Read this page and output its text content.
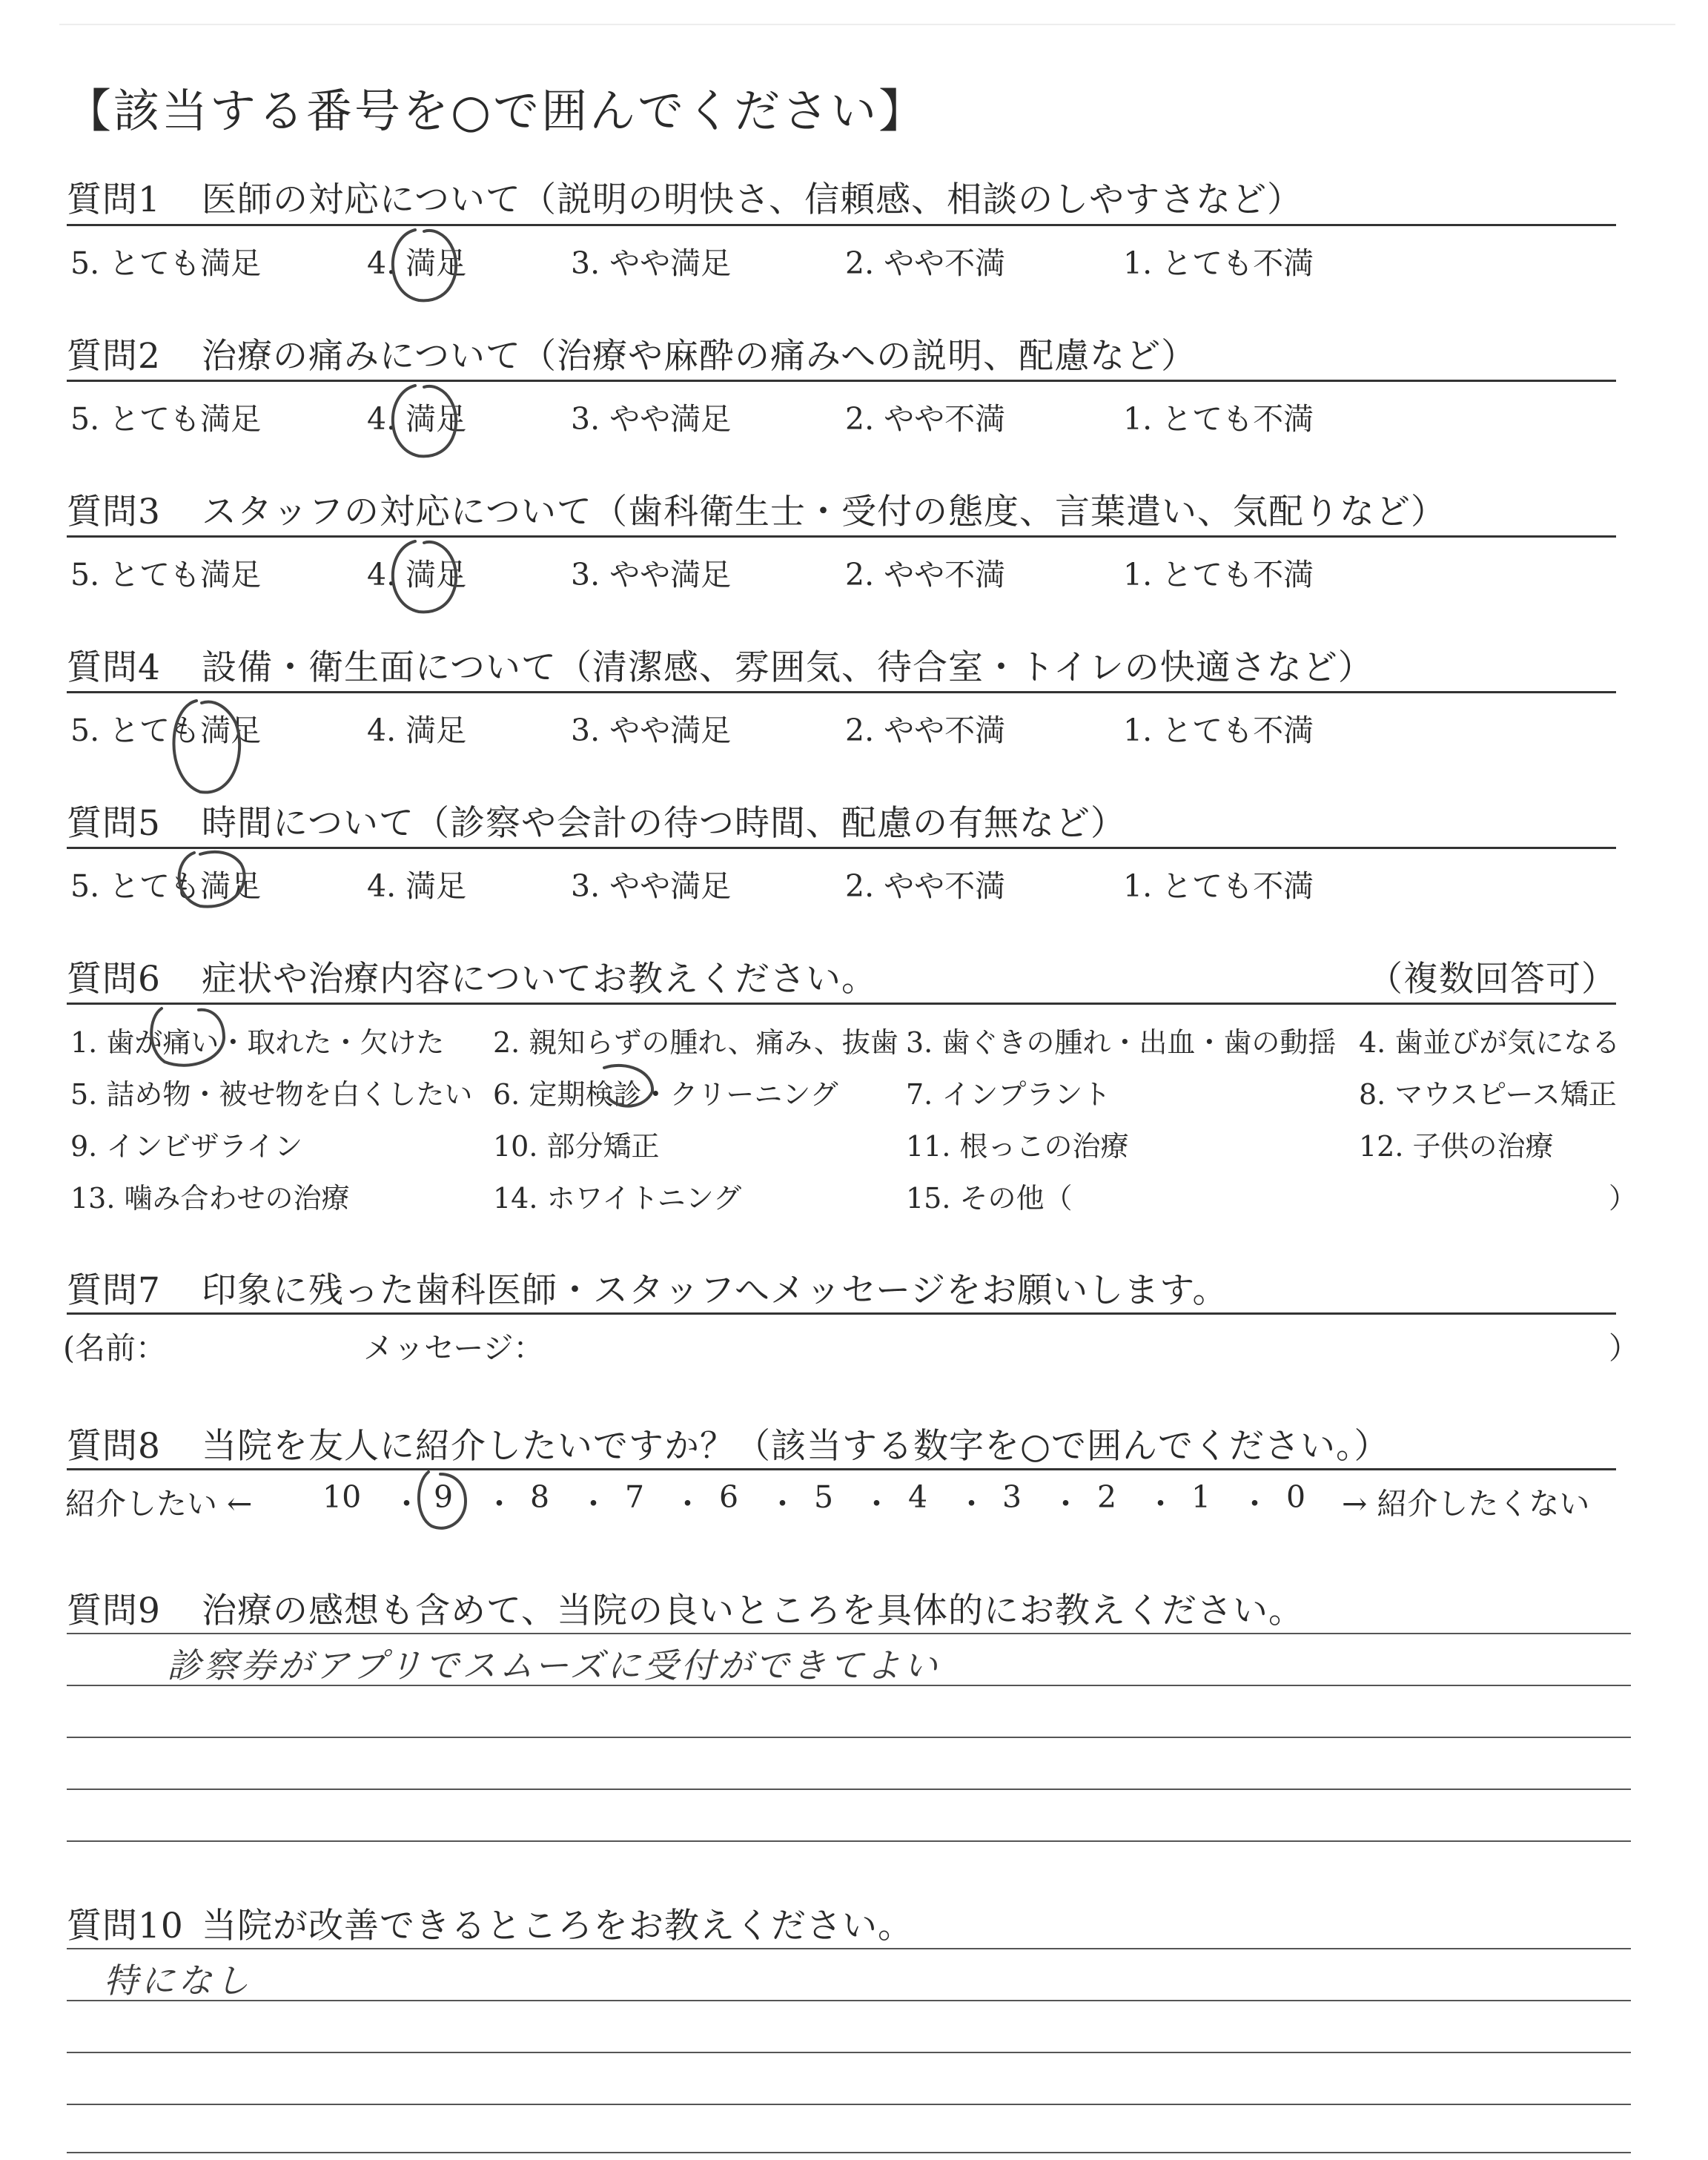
【該当する番号を○で囲んでください】
質問1 医師の対応について（説明の明快さ、信頼感、相談のしやすさなど）
5. とても満足	4. 満足	3. やや満足	2. やや不満	1. とても不満
質問2 治療の痛みについて（治療や麻酔の痛みへの説明、配慮など）
5. とても満足	4. 満足	3. やや満足	2. やや不満	1. とても不満
質問3 スタッフの対応について（歯科衛生士・受付の態度、言葉遣い、気配りなど）
5. とても満足	4. 満足	3. やや満足	2. やや不満	1. とても不満
質問4 設備・衛生面について（清潔感、雰囲気、待合室・トイレの快適さなど）
5. とても満足	4. 満足	3. やや満足	2. やや不満	1. とても不満
質問5 時間について（診察や会計の待つ時間、配慮の有無など）
5. とても満足	4. 満足	3. やや満足	2. やや不満	1. とても不満
質問6 症状や治療内容についてお教えください。	（複数回答可）
1. 歯が痛い・取れた・欠けた 2. 親知らずの腫れ、痛み、抜歯 3. 歯ぐきの腫れ・出血・歯の動揺 4. 歯並びが気になる
5. 詰め物・被せ物を白くしたい 6. 定期検診・クリーニング 7. インプラント	8. マウスピース矯正
9. インビザライン	10. 部分矯正	11. 根っこの治療	12. 子供の治療
13. 噛み合わせの治療	14. ホワイトニング	15. その他（	）
質問7 印象に残った歯科医師・スタッフへメッセージをお願いします。
(名前：	メッセージ：	）
質問8 当院を友人に紹介したいですか？（該当する数字を○で囲んでください。）
紹介したい ← 10 9	8 7 6 5 4 3 2 1 0
・ ・ ・ ・ ・ ・ ・ ・ ・ ・ → 紹介したくない
質問9 治療の感想も含めて、当院の良いところを具体的にお教えください。
診察券がアプリでスムーズに受付ができてよい
質問10 当院が改善できるところをお教えください。
特になし
